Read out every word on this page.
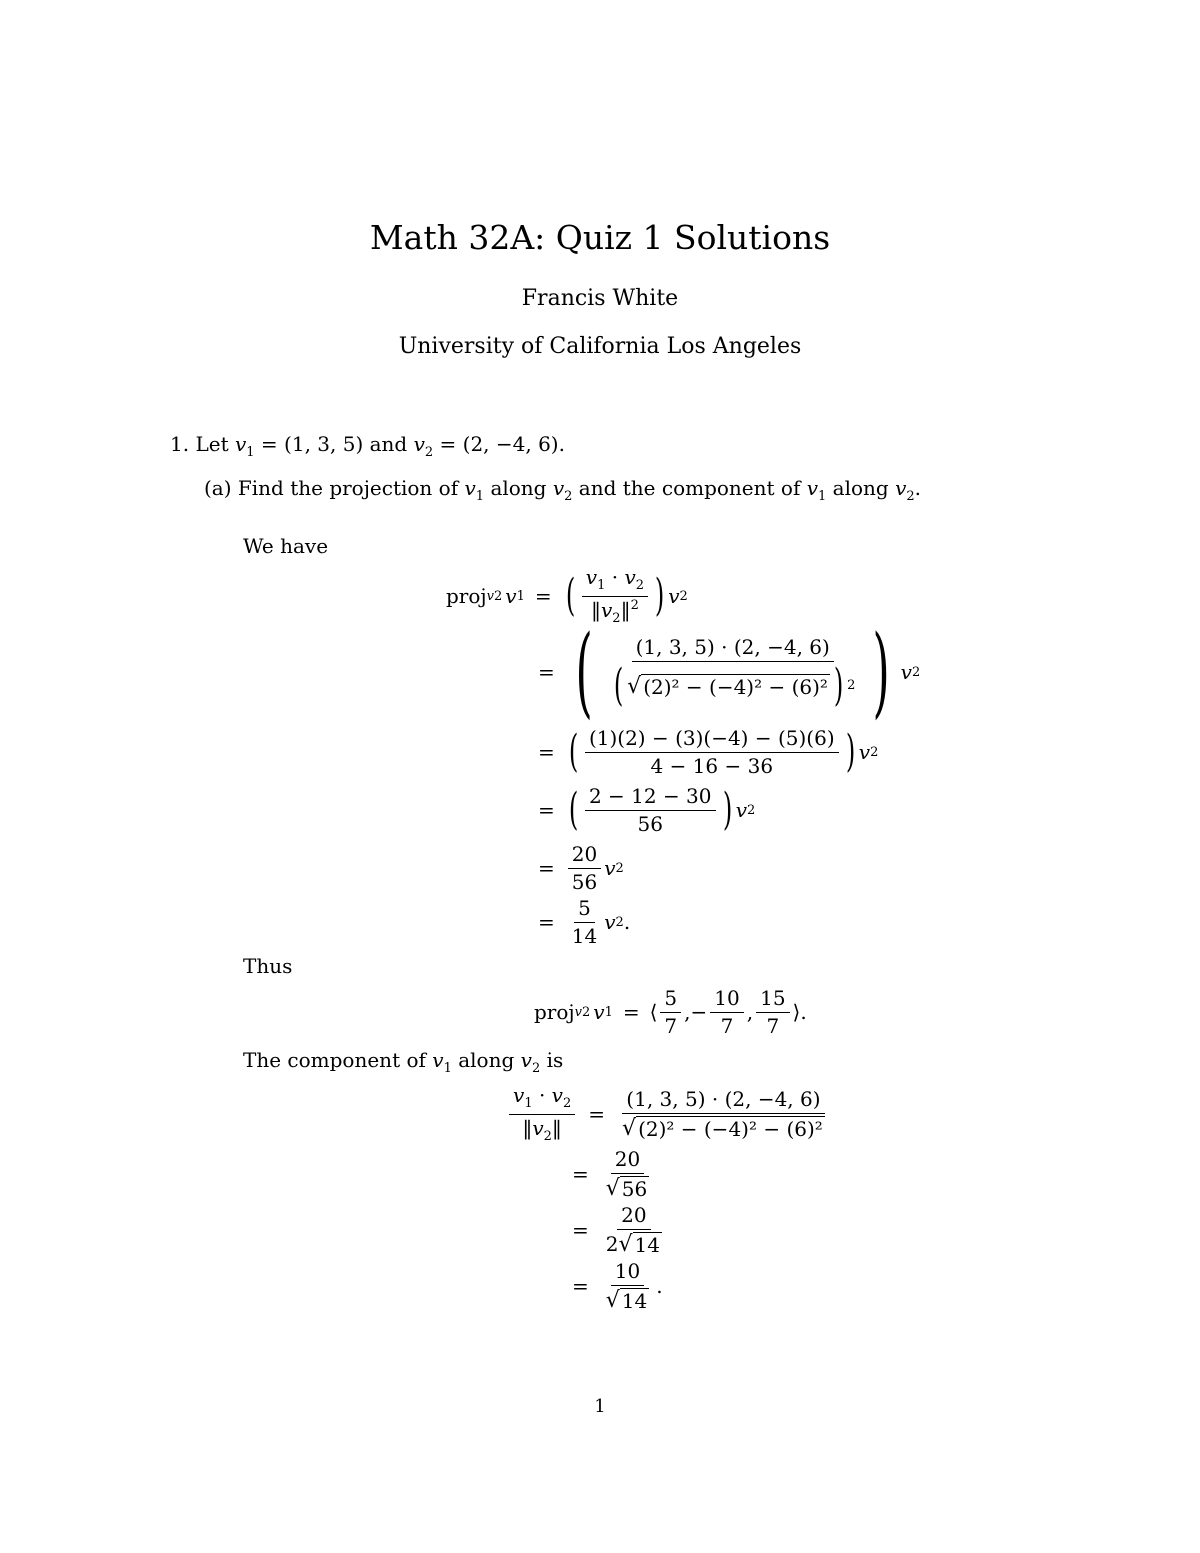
Math 32A: Quiz 1 Solutions
Francis White
University of California Los Angeles
1. Let $v_1 = (1$, 3, 5) and $v_2 = (2$, −4, 6).
(a) Find the projection of $v_1$ along $v_2$ and the component of $v_1$ along $v_2$.
We have
proj v2 v 1 = ( $\frac{v_1 \cdot v_2}{‖v_2‖^2}$ ) v 2
= ( $\frac{(1, 3, 5) \cdot (2, -4, 6)}{\text{( √ (2)² − (−4)² − (6)² ) 2}}$ ) v 2
= ( $\frac{(1)(2) - (3)(-4) - (5)(6)}{4 - 16 - 36}$ ) v 2
= ( $\frac{2 - 12 - 30}{56}$ ) v 2
= $\frac{20}{56}$ v 2
= $\frac{5}{14}$ v 2 .
Thus
proj v2 v 1 = ⟨ $\frac{5}{7}$ , − $\frac{10}{7}$ , $\frac{15}{7}$ ⟩ .
The component of $v_1$ along $v_2$ is
$\frac{v_1 \cdot v_2}{‖v_2‖} = \frac{(1, 3, 5) \cdot (2, -4, 6)}{\text{√ (2)² − (−4)² − (6)²}}$
= $\frac{20}{√ 56}$
= $\frac{20}{2 √ 14}$
= $\frac{10}{√ 14}$ .
1
